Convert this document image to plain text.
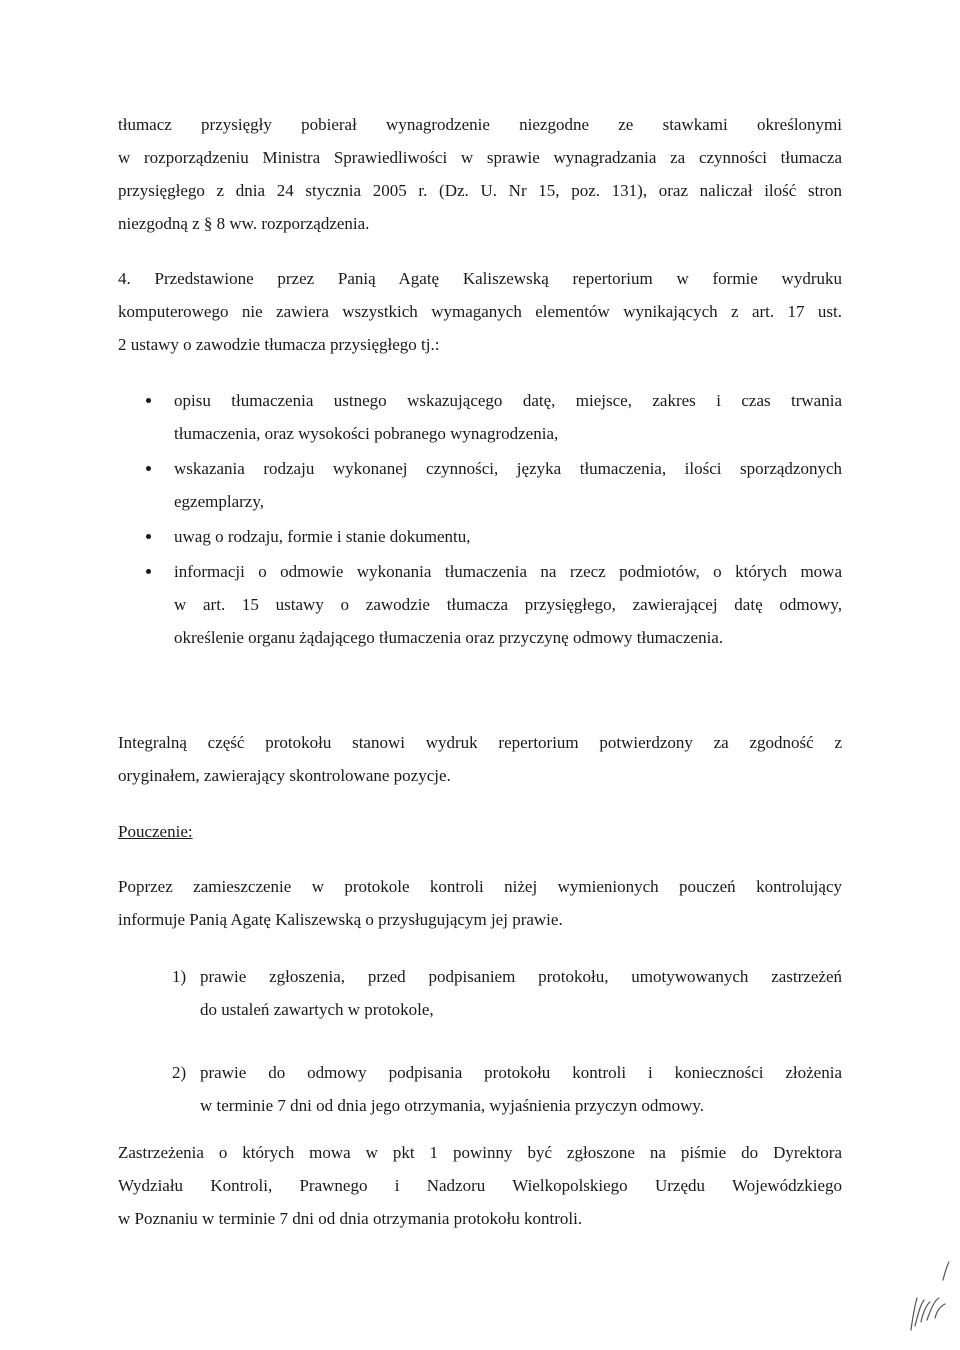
tłumacz przysięgły pobierał wynagrodzenie niezgodne ze stawkami określonymi

w rozporządzeniu Ministra Sprawiedliwości w sprawie wynagradzania za czynności tłumacza

przysięgłego z dnia 24 stycznia 2005 r. (Dz. U. Nr 15, poz. 131), oraz naliczał ilość stron

niezgodną z § 8 ww. rozporządzenia.

4. Przedstawione przez Panią Agatę Kaliszewską repertorium w formie wydruku

komputerowego nie zawiera wszystkich wymaganych elementów wynikających z art. 17 ust.

2 ustawy o zawodzie tłumacza przysięgłego tj.:

opisu tłumaczenia ustnego wskazującego datę, miejsce, zakres i czas trwania

tłumaczenia, oraz wysokości pobranego wynagrodzenia,

wskazania rodzaju wykonanej czynności, języka tłumaczenia, ilości sporządzonych

egzemplarzy,

uwag o rodzaju, formie i stanie dokumentu,

informacji o odmowie wykonania tłumaczenia na rzecz podmiotów, o których mowa

w art. 15 ustawy o zawodzie tłumacza przysięgłego, zawierającej datę odmowy,

określenie organu żądającego tłumaczenia oraz przyczynę odmowy tłumaczenia.

Integralną część protokołu stanowi wydruk repertorium potwierdzony za zgodność z

oryginałem, zawierający skontrolowane pozycje.

Pouczenie:

Poprzez zamieszczenie w protokole kontroli niżej wymienionych pouczeń kontrolujący

informuje Panią Agatę Kaliszewską o przysługującym jej prawie.

1) prawie zgłoszenia, przed podpisaniem protokołu, umotywowanych zastrzeżeń

do ustaleń zawartych w protokole,

2) prawie do odmowy podpisania protokołu kontroli i konieczności złożenia

w terminie 7 dni od dnia jego otrzymania, wyjaśnienia przyczyn odmowy.

Zastrzeżenia o których mowa w pkt 1 powinny być zgłoszone na piśmie do Dyrektora

Wydziału Kontroli, Prawnego i Nadzoru Wielkopolskiego Urzędu Wojewódzkiego

w Poznaniu w terminie 7 dni od dnia otrzymania protokołu kontroli.
